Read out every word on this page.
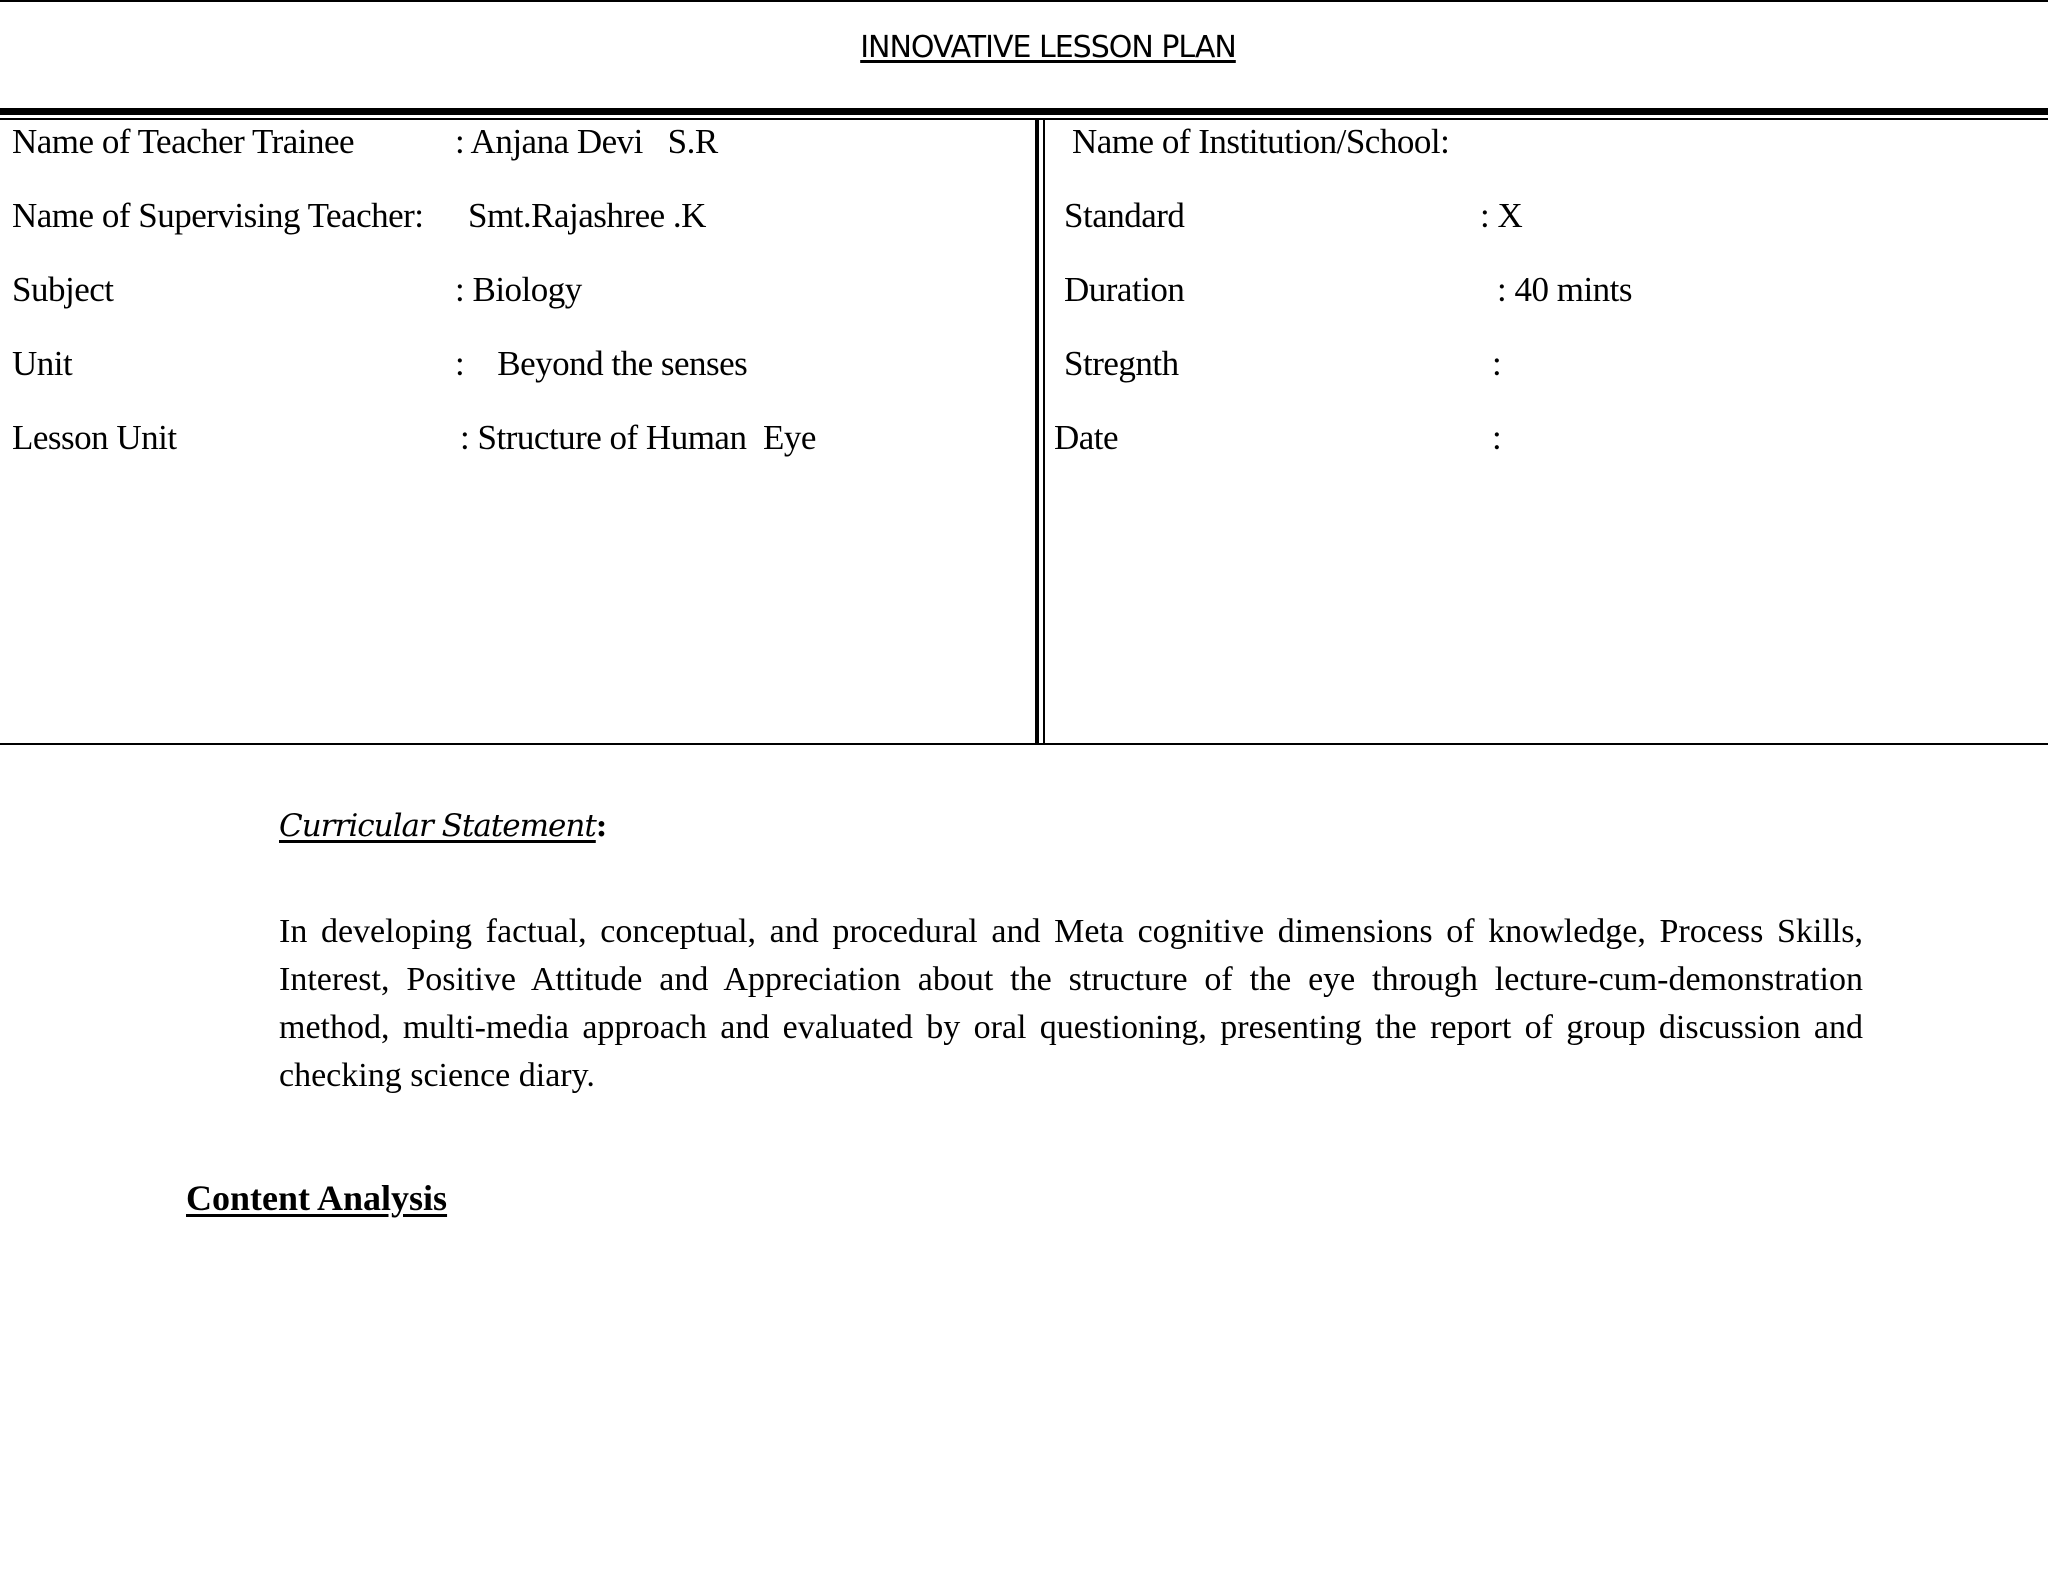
INNOVATIVE LESSON PLAN
Name of Teacher Trainee	: Anjana Devi   S.R
Name of Supervising Teacher: Smt.Rajashree .K
Subject	: Biology
Unit	:    Beyond the senses
Lesson Unit	: Structure of Human  Eye
Name of Institution/School:
Standard	: X
Duration	: 40 mints
Stregnth	:
Date	:
Curricular Statement:
In developing factual, conceptual, and procedural and Meta cognitive dimensions of knowledge, Process Skills, Interest, Positive Attitude and Appreciation about the structure of the eye through lecture-cum-demonstration method, multi-media approach and evaluated by oral questioning, presenting the report of group discussion and checking science diary.
Content Analysis
